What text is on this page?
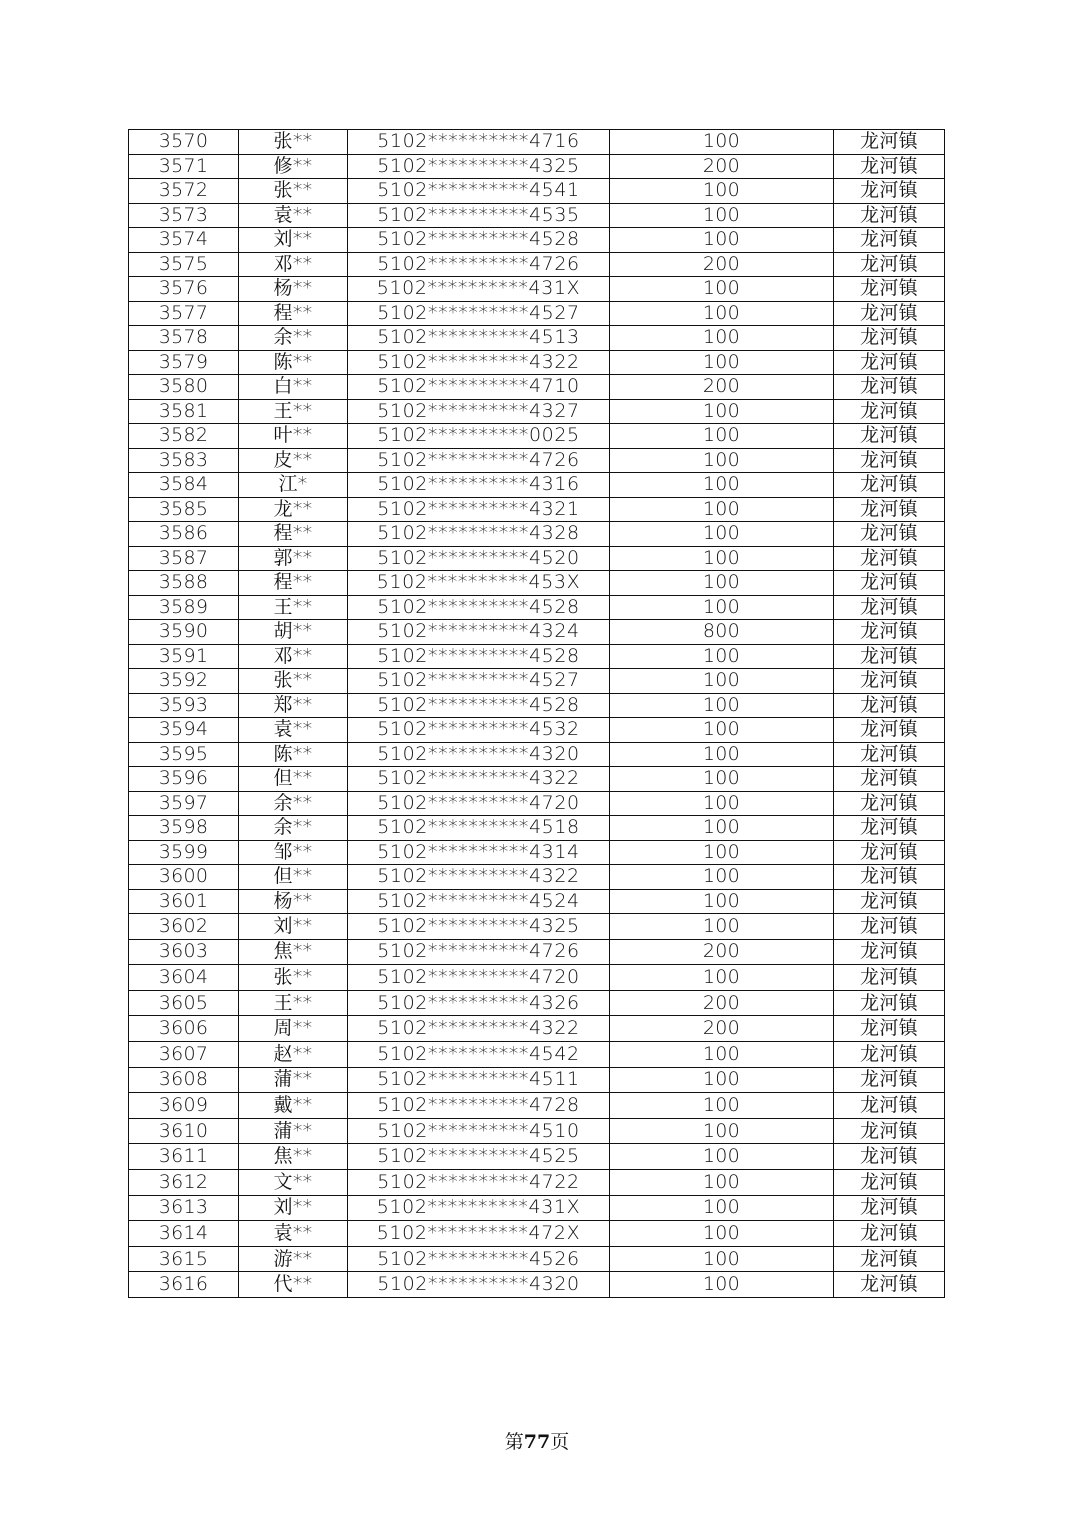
3570	张**	5102**********4716	100	龙河镇
3571	修**	5102**********4325	200	龙河镇
3572	张**	5102**********4541	100	龙河镇
3573	袁**	5102**********4535	100	龙河镇
3574	刘**	5102**********4528	100	龙河镇
3575	邓**	5102**********4726	200	龙河镇
3576	杨**	5102**********431X	100	龙河镇
3577	程**	5102**********4527	100	龙河镇
3578	余**	5102**********4513	100	龙河镇
3579	陈**	5102**********4322	100	龙河镇
3580	白**	5102**********4710	200	龙河镇
3581	王**	5102**********4327	100	龙河镇
3582	叶**	5102**********0025	100	龙河镇
3583	皮**	5102**********4726	100	龙河镇
3584	江*	5102**********4316	100	龙河镇
3585	龙**	5102**********4321	100	龙河镇
3586	程**	5102**********4328	100	龙河镇
3587	郭**	5102**********4520	100	龙河镇
3588	程**	5102**********453X	100	龙河镇
3589	王**	5102**********4528	100	龙河镇
3590	胡**	5102**********4324	800	龙河镇
3591	邓**	5102**********4528	100	龙河镇
3592	张**	5102**********4527	100	龙河镇
3593	郑**	5102**********4528	100	龙河镇
3594	袁**	5102**********4532	100	龙河镇
3595	陈**	5102**********4320	100	龙河镇
3596	但**	5102**********4322	100	龙河镇
3597	余**	5102**********4720	100	龙河镇
3598	余**	5102**********4518	100	龙河镇
3599	邹**	5102**********4314	100	龙河镇
3600	但**	5102**********4322	100	龙河镇
3601	杨**	5102**********4524	100	龙河镇
3602	刘**	5102**********4325	100	龙河镇
3603	焦**	5102**********4726	200	龙河镇
3604	张**	5102**********4720	100	龙河镇
3605	王**	5102**********4326	200	龙河镇
3606	周**	5102**********4322	200	龙河镇
3607	赵**	5102**********4542	100	龙河镇
3608	蒲**	5102**********4511	100	龙河镇
3609	戴**	5102**********4728	100	龙河镇
3610	蒲**	5102**********4510	100	龙河镇
3611	焦**	5102**********4525	100	龙河镇
3612	文**	5102**********4722	100	龙河镇
3613	刘**	5102**********431X	100	龙河镇
3614	袁**	5102**********472X	100	龙河镇
3615	游**	5102**********4526	100	龙河镇
3616	代**	5102**********4320	100	龙河镇
第77页
